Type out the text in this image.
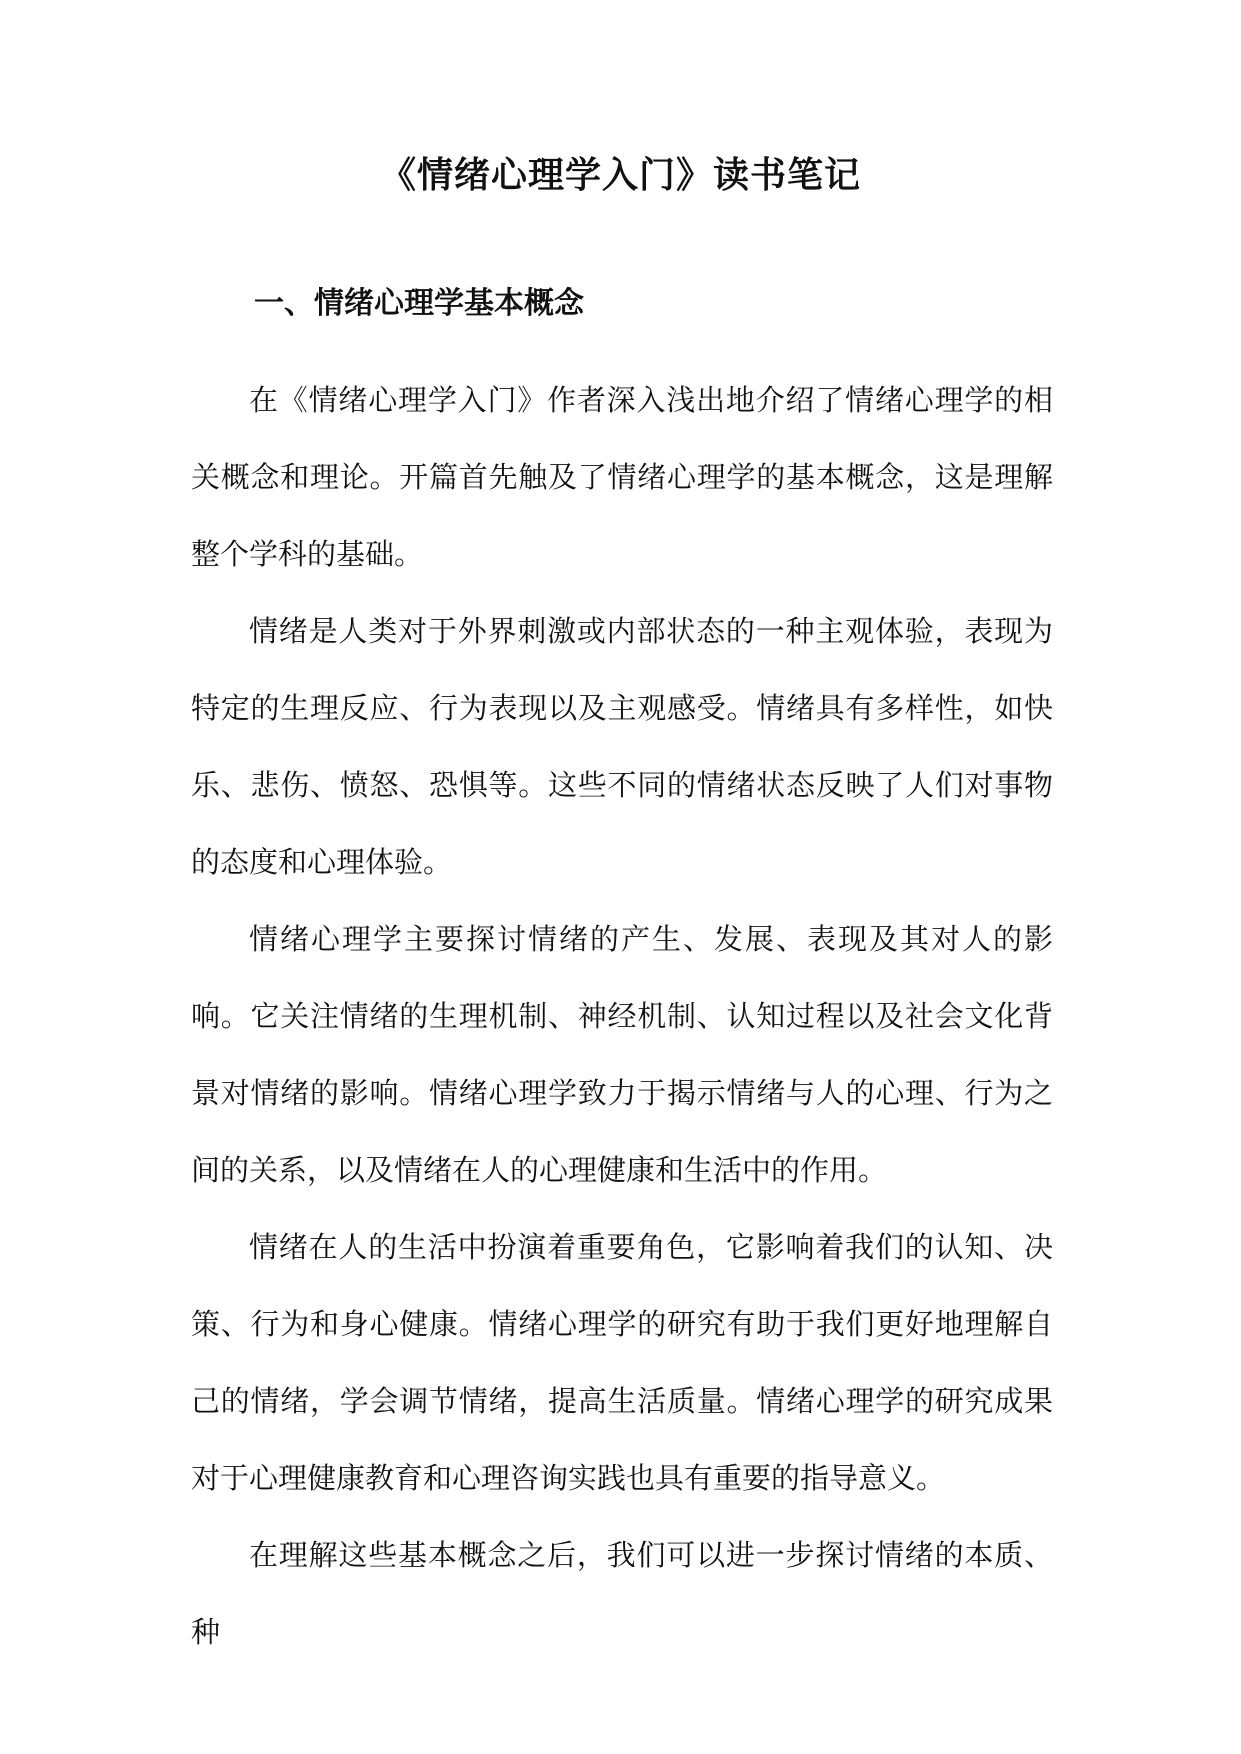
《情绪心理学入门》读书笔记
一、情绪心理学基本概念

在《情绪心理学入门》作者深入浅出地介绍了情绪心理学的相关概念和理论。开篇首先触及了情绪心理学的基本概念，这是理解整个学科的基础。

情绪是人类对于外界刺激或内部状态的一种主观体验，表现为特定的生理反应、行为表现以及主观感受。情绪具有多样性，如快乐、悲伤、愤怒、恐惧等。这些不同的情绪状态反映了人们对事物的态度和心理体验。

情绪心理学主要探讨情绪的产生、发展、表现及其对人的影响。它关注情绪的生理机制、神经机制、认知过程以及社会文化背景对情绪的影响。情绪心理学致力于揭示情绪与人的心理、行为之间的关系，以及情绪在人的心理健康和生活中的作用。

情绪在人的生活中扮演着重要角色，它影响着我们的认知、决策、行为和身心健康。情绪心理学的研究有助于我们更好地理解自己的情绪，学会调节情绪，提高生活质量。情绪心理学的研究成果对于心理健康教育和心理咨询实践也具有重要的指导意义。

在理解这些基本概念之后，我们可以进一步探讨情绪的本质、种
